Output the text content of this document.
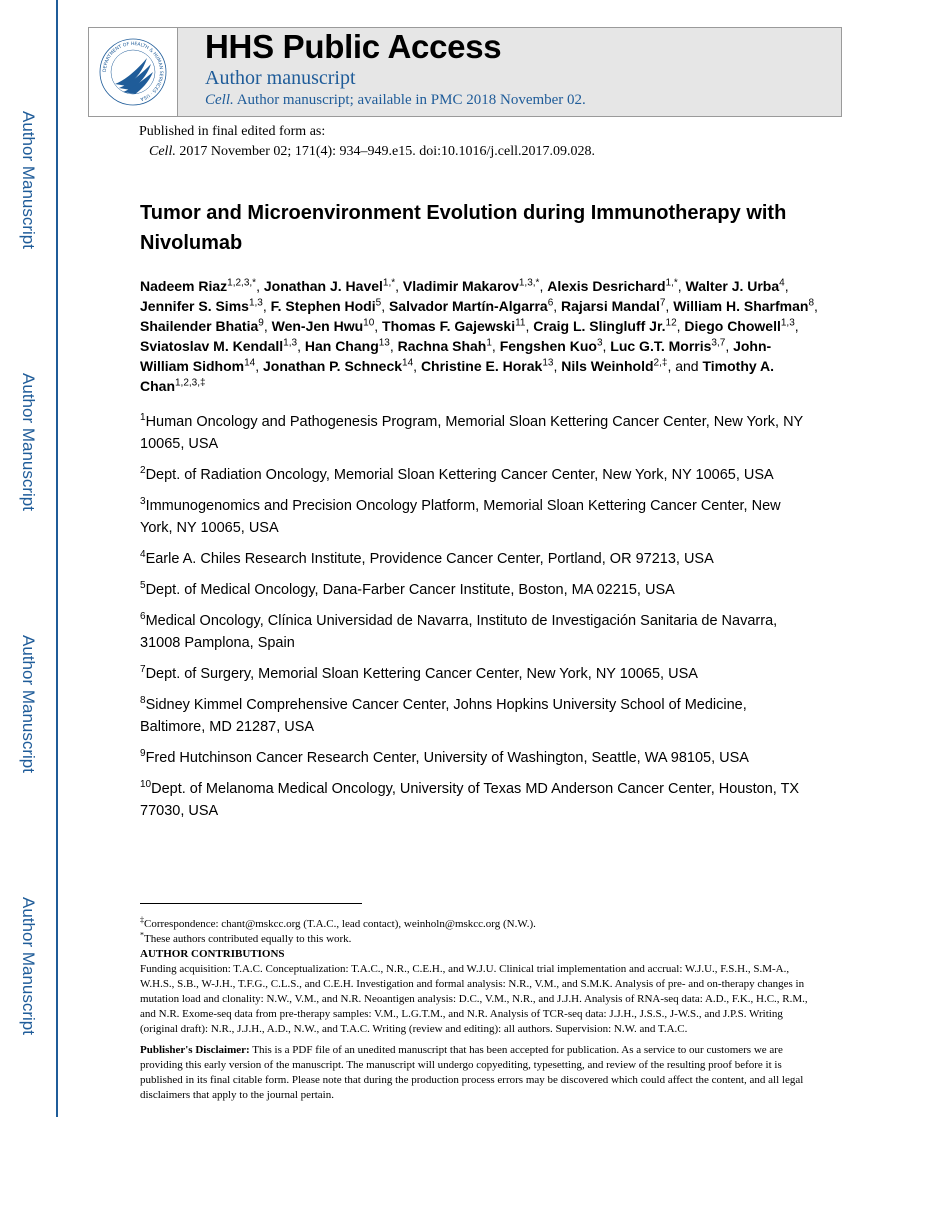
Author Manuscript
Author Manuscript
Author Manuscript
Author Manuscript
DEPARTMENT OF HEALTH & HUMAN SERVICES · USA
HHS Public Access
Author manuscript
Cell. Author manuscript; available in PMC 2018 November 02.
Published in final edited form as:
Cell. 2017 November 02; 171(4): 934–949.e15. doi:10.1016/j.cell.2017.09.028.
Tumor and Microenvironment Evolution during Immunotherapy with Nivolumab
Nadeem Riaz$^{1,2,3,*}$, Jonathan J. Havel$^{1,*}$, Vladimir Makarov$^{1,3,*}$, Alexis Desrichard$^{1,*}$, Walter J. Urba$^4$, Jennifer S. Sims$^{1,3}$, F. Stephen Hodi$^5$, Salvador Martín-Algarra$^6$, Rajarsi Mandal$^7$, William H. Sharfman$^8$, Shailender Bhatia$^9$, Wen-Jen Hwu$^{10}$, Thomas F. Gajewski$^{11}$, Craig L. Slingluff Jr.$^{12}$, Diego Chowell$^{1,3}$, Sviatoslav M. Kendall$^{1,3}$, Han Chang$^{13}$, Rachna Shah$^1$, Fengshen Kuo$^3$, Luc G.T. Morris$^{3,7}$, John-William Sidhom$^{14}$, Jonathan P. Schneck$^{14}$, Christine E. Horak$^{13}$, Nils Weinhold$^{2,\ddagger}$, and Timothy A. Chan$^{1,2,3,\ddagger}$
$^1$Human Oncology and Pathogenesis Program, Memorial Sloan Kettering Cancer Center, New York, NY 10065, USA
$^2$Dept. of Radiation Oncology, Memorial Sloan Kettering Cancer Center, New York, NY 10065, USA
$^3$Immunogenomics and Precision Oncology Platform, Memorial Sloan Kettering Cancer Center, New York, NY 10065, USA
$^4$Earle A. Chiles Research Institute, Providence Cancer Center, Portland, OR 97213, USA
$^5$Dept. of Medical Oncology, Dana-Farber Cancer Institute, Boston, MA 02215, USA
$^6$Medical Oncology, Clínica Universidad de Navarra, Instituto de Investigación Sanitaria de Navarra, 31008 Pamplona, Spain
$^7$Dept. of Surgery, Memorial Sloan Kettering Cancer Center, New York, NY 10065, USA
$^8$Sidney Kimmel Comprehensive Cancer Center, Johns Hopkins University School of Medicine, Baltimore, MD 21287, USA
$^9$Fred Hutchinson Cancer Research Center, University of Washington, Seattle, WA 98105, USA
$^{10}$Dept. of Melanoma Medical Oncology, University of Texas MD Anderson Cancer Center, Houston, TX 77030, USA
‡Correspondence: chant@mskcc.org (T.A.C., lead contact), weinholn@mskcc.org (N.W.).
*These authors contributed equally to this work.
AUTHOR CONTRIBUTIONS
Funding acquisition: T.A.C. Conceptualization: T.A.C., N.R., C.E.H., and W.J.U. Clinical trial implementation and accrual: W.J.U., F.S.H., S.M-A., W.H.S., S.B., W-J.H., T.F.G., C.L.S., and C.E.H. Investigation and formal analysis: N.R., V.M., and S.M.K. Analysis of pre- and on-therapy changes in mutation load and clonality: N.W., V.M., and N.R. Neoantigen analysis: D.C., V.M., N.R., and J.J.H. Analysis of RNA-seq data: A.D., F.K., H.C., R.M., and N.R. Exome-seq data from pre-therapy samples: V.M., L.G.T.M., and N.R. Analysis of TCR-seq data: J.J.H., J.S.S., J-W.S., and J.P.S. Writing (original draft): N.R., J.J.H., A.D., N.W., and T.A.C. Writing (review and editing): all authors. Supervision: N.W. and T.A.C.
Publisher's Disclaimer: This is a PDF file of an unedited manuscript that has been accepted for publication. As a service to our customers we are providing this early version of the manuscript. The manuscript will undergo copyediting, typesetting, and review of the resulting proof before it is published in its final citable form. Please note that during the production process errors may be discovered which could affect the content, and all legal disclaimers that apply to the journal pertain.
